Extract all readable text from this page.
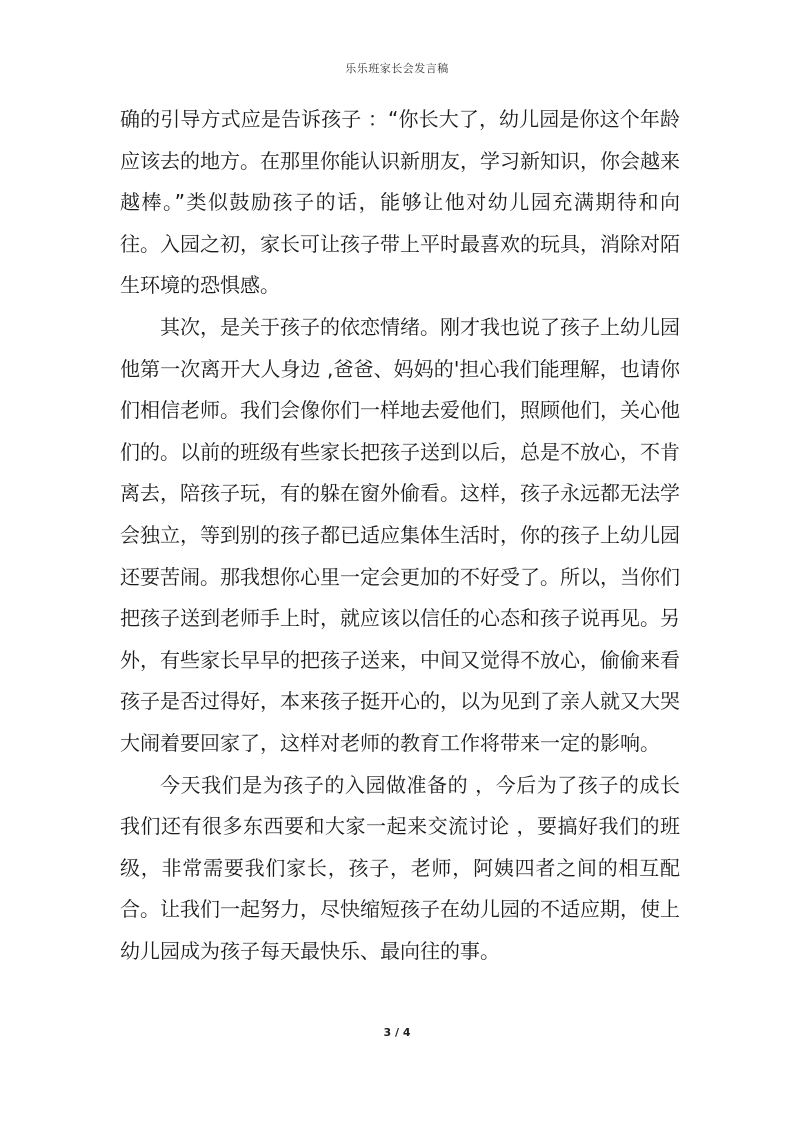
乐乐班家长会发言稿

确的引导方式应是告诉孩子 ：“你长大了，幼儿园是你这个年龄应该去的地方。在那里你能认识新朋友，学习新知识，你会越来越棒。”类似鼓励孩子的话，能够让他对幼儿园充满期待和向往。入园之初，家长可让孩子带上平时最喜欢的玩具，消除对陌生环境的恐惧感。

其次，是关于孩子的依恋情绪。刚才我也说了孩子上幼儿园他第一次离开大人身边 ,爸爸、妈妈的'担心我们能理解，也请你们相信老师。我们会像你们一样地去爱他们，照顾他们，关心他们的。以前的班级有些家长把孩子送到以后，总是不放心，不肯离去，陪孩子玩，有的躲在窗外偷看。这样，孩子永远都无法学会独立，等到别的孩子都已适应集体生活时，你的孩子上幼儿园还要苦闹。那我想你心里一定会更加的不好受了。所以，当你们把孩子送到老师手上时，就应该以信任的心态和孩子说再见。另外，有些家长早早的把孩子送来，中间又觉得不放心，偷偷来看孩子是否过得好，本来孩子挺开心的，以为见到了亲人就又大哭大闹着要回家了，这样对老师的教育工作将带来一定的影响。

今天我们是为孩子的入园做准备的 ，今后为了孩子的成长我们还有很多东西要和大家一起来交流讨论 ，要搞好我们的班级，非常需要我们家长，孩子，老师，阿姨四者之间的相互配合。让我们一起努力，尽快缩短孩子在幼儿园的不适应期，使上幼儿园成为孩子每天最快乐、最向往的事。

3 / 4
